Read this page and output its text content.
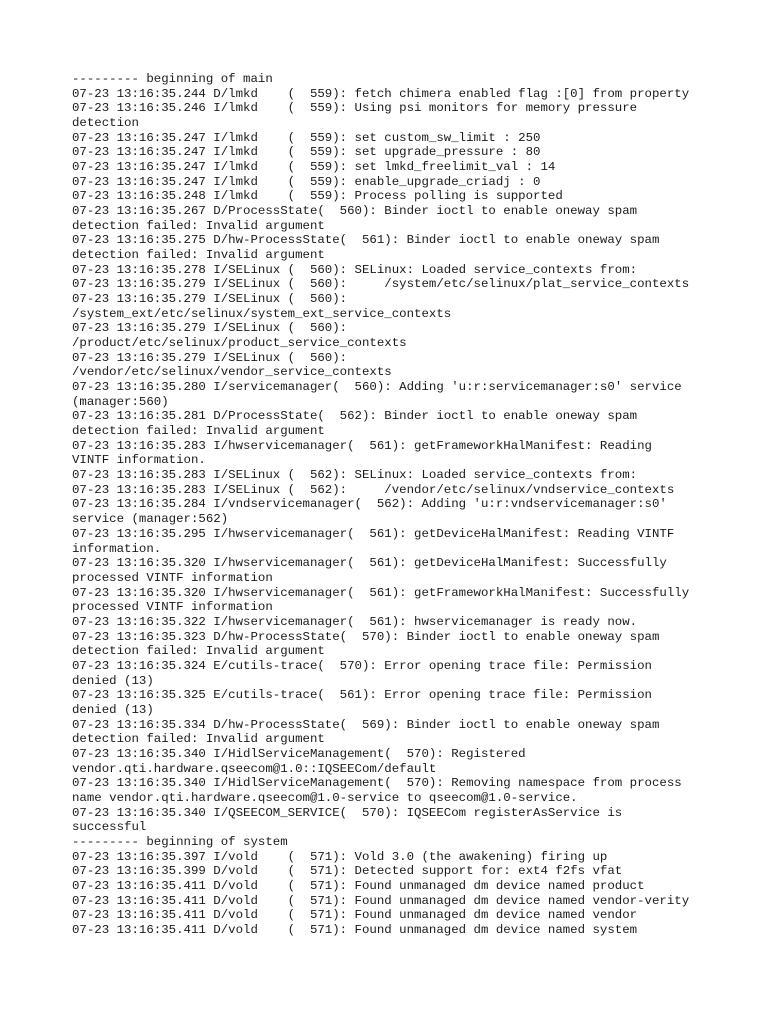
--------- beginning of main
07-23 13:16:35.244 D/lmkd    (  559): fetch chimera enabled flag :[0] from property
07-23 13:16:35.246 I/lmkd    (  559): Using psi monitors for memory pressure
detection
07-23 13:16:35.247 I/lmkd    (  559): set custom_sw_limit : 250
07-23 13:16:35.247 I/lmkd    (  559): set upgrade_pressure : 80
07-23 13:16:35.247 I/lmkd    (  559): set lmkd_freelimit_val : 14
07-23 13:16:35.247 I/lmkd    (  559): enable_upgrade_criadj : 0
07-23 13:16:35.248 I/lmkd    (  559): Process polling is supported
07-23 13:16:35.267 D/ProcessState(  560): Binder ioctl to enable oneway spam
detection failed: Invalid argument
07-23 13:16:35.275 D/hw-ProcessState(  561): Binder ioctl to enable oneway spam
detection failed: Invalid argument
07-23 13:16:35.278 I/SELinux (  560): SELinux: Loaded service_contexts from:
07-23 13:16:35.279 I/SELinux (  560):     /system/etc/selinux/plat_service_contexts
07-23 13:16:35.279 I/SELinux (  560):
/system_ext/etc/selinux/system_ext_service_contexts
07-23 13:16:35.279 I/SELinux (  560):
/product/etc/selinux/product_service_contexts
07-23 13:16:35.279 I/SELinux (  560):
/vendor/etc/selinux/vendor_service_contexts
07-23 13:16:35.280 I/servicemanager(  560): Adding 'u:r:servicemanager:s0' service
(manager:560)
07-23 13:16:35.281 D/ProcessState(  562): Binder ioctl to enable oneway spam
detection failed: Invalid argument
07-23 13:16:35.283 I/hwservicemanager(  561): getFrameworkHalManifest: Reading
VINTF information.
07-23 13:16:35.283 I/SELinux (  562): SELinux: Loaded service_contexts from:
07-23 13:16:35.283 I/SELinux (  562):     /vendor/etc/selinux/vndservice_contexts
07-23 13:16:35.284 I/vndservicemanager(  562): Adding 'u:r:vndservicemanager:s0'
service (manager:562)
07-23 13:16:35.295 I/hwservicemanager(  561): getDeviceHalManifest: Reading VINTF
information.
07-23 13:16:35.320 I/hwservicemanager(  561): getDeviceHalManifest: Successfully
processed VINTF information
07-23 13:16:35.320 I/hwservicemanager(  561): getFrameworkHalManifest: Successfully
processed VINTF information
07-23 13:16:35.322 I/hwservicemanager(  561): hwservicemanager is ready now.
07-23 13:16:35.323 D/hw-ProcessState(  570): Binder ioctl to enable oneway spam
detection failed: Invalid argument
07-23 13:16:35.324 E/cutils-trace(  570): Error opening trace file: Permission
denied (13)
07-23 13:16:35.325 E/cutils-trace(  561): Error opening trace file: Permission
denied (13)
07-23 13:16:35.334 D/hw-ProcessState(  569): Binder ioctl to enable oneway spam
detection failed: Invalid argument
07-23 13:16:35.340 I/HidlServiceManagement(  570): Registered
vendor.qti.hardware.qseecom@1.0::IQSEECom/default
07-23 13:16:35.340 I/HidlServiceManagement(  570): Removing namespace from process
name vendor.qti.hardware.qseecom@1.0-service to qseecom@1.0-service.
07-23 13:16:35.340 I/QSEECOM_SERVICE(  570): IQSEECom registerAsService is
successful
--------- beginning of system
07-23 13:16:35.397 I/vold    (  571): Vold 3.0 (the awakening) firing up
07-23 13:16:35.399 D/vold    (  571): Detected support for: ext4 f2fs vfat
07-23 13:16:35.411 D/vold    (  571): Found unmanaged dm device named product
07-23 13:16:35.411 D/vold    (  571): Found unmanaged dm device named vendor-verity
07-23 13:16:35.411 D/vold    (  571): Found unmanaged dm device named vendor
07-23 13:16:35.411 D/vold    (  571): Found unmanaged dm device named system
